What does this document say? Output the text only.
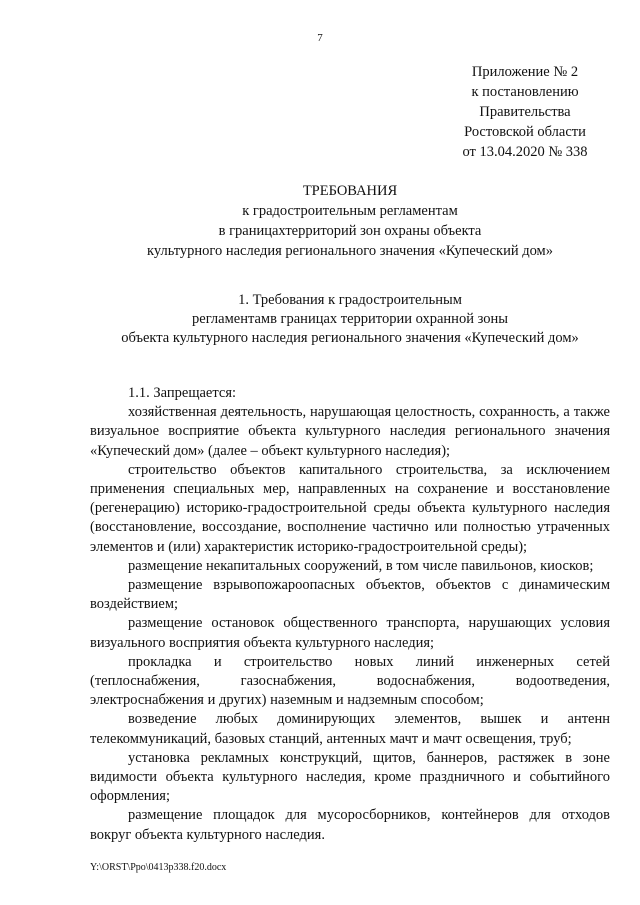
7
Приложение № 2
к постановлению
Правительства
Ростовской области
от 13.04.2020 № 338
ТРЕБОВАНИЯ
к градостроительным регламентам
в границахтерриторий зон охраны объекта
культурного наследия регионального значения «Купеческий дом»
1. Требования к градостроительным
регламентамв границах территории охранной зоны
объекта культурного наследия регионального значения «Купеческий дом»
1.1. Запрещается:

хозяйственная деятельность, нарушающая целостность, сохранность, а также визуальное восприятие объекта культурного наследия регионального значения «Купеческий дом» (далее – объект культурного наследия);

строительство объектов капитального строительства, за исключением применения специальных мер, направленных на сохранение и восстановление (регенерацию) историко-градостроительной среды объекта культурного наследия (восстановление, воссоздание, восполнение частично или полностью утраченных элементов и (или) характеристик историко-градостроительной среды);

размещение некапитальных сооружений, в том числе павильонов, киосков;

размещение взрывопожароопасных объектов, объектов с динамическим воздействием;

размещение остановок общественного транспорта, нарушающих условия визуального восприятия объекта культурного наследия;

прокладка и строительство новых линий инженерных сетей (теплоснабжения, газоснабжения, водоснабжения, водоотведения, электроснабжения и других) наземным и надземным способом;

возведение любых доминирующих элементов, вышек и антенн телекоммуникаций, базовых станций, антенных мачт и мачт освещения, труб;

установка рекламных конструкций, щитов, баннеров, растяжек в зоне видимости объекта культурного наследия, кроме праздничного и событийного оформления;

размещение площадок для мусоросборников, контейнеров для отходов вокруг объекта культурного наследия.

Y:\ORST\Ppo\0413p338.f20.docx
